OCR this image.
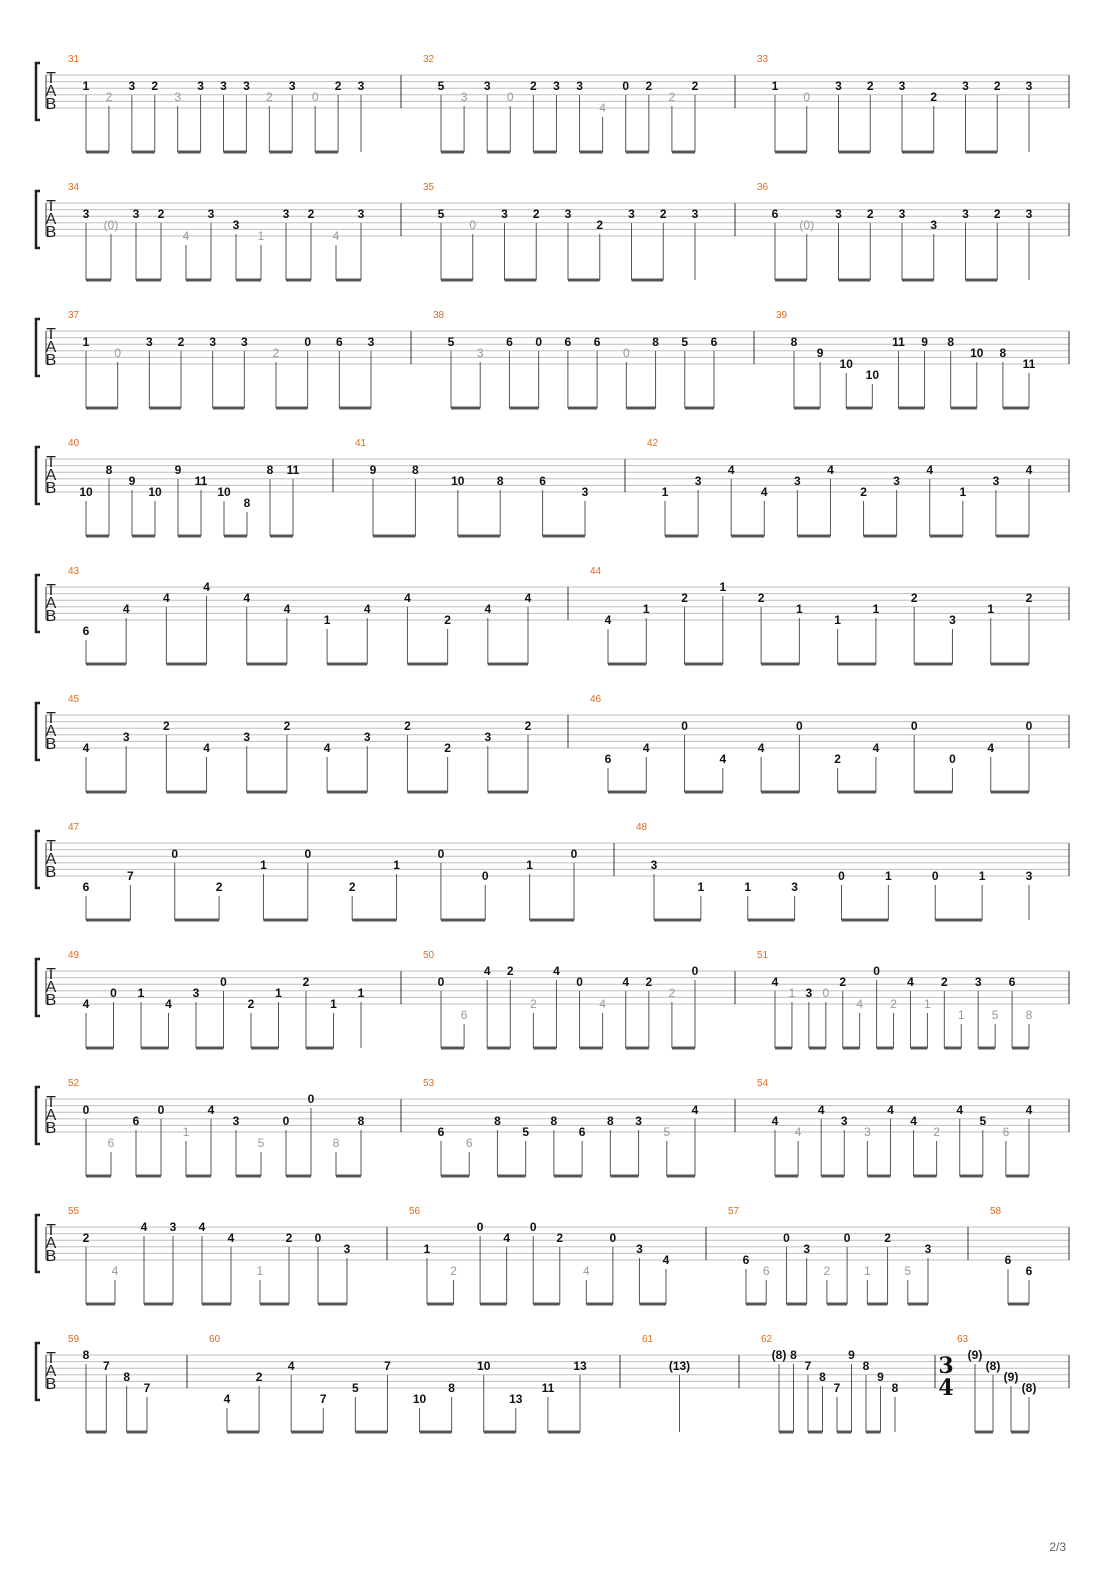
T
A
B
31
1
2
3 2
3
3 3 3
2
3
0
2 3
32
5
3
3
0
2 3 3
4
0 2
2
2
33
1
0
3 2 3
2
3 2 3
T
A
B
34
3
(0)
3 2
4
3
3
1
3 2
4
3
35
5
0
3 2 3
2
3 2 3
36
6
(0)
3 2 3
3
3 2 3
T
A
B
37
1
0
3 2 3 3
2
0 6 3
38
5
3
6 0 6 6
0
8 5 6
39
8
9
10
10
11 9 8
10 8
11
T
A
B
40
10
8
9
10
9
11
10
8
8 11
41
9	8
10	8	6
3
42
1
3
4
4
3
4
2
3
4
1
3
4
T
A
B
43
6
4
4
4
4
4
1
4
4
2
4
4
44
4
1
2
1
2
1
1
1
2
3
1
2
T
A
B
45
4
3
2
4
3
2
4
3
2
2
3
2
46
6
4
0
4
4
0
2
4
0
0
4
0
T
A
B
47
6
7
0
2
1
0
2
1
0
0
1
0
48
3
1	1	3
0	1	0	1	3
T
A
B
49
4
0 1
4
3
0
2
1
2
1
1
50
0
6
4 2
2
4
0
4
4 2
2
0
51
4
1 3 0
2
4
0
2
4
1
2
1
3
5
6
8
T
A
B
52
0
6
6
0
1
4
3
5
0
0
8
8
53
6
6
8
5
8
6
8 3
5
4
54
4
4
4
3
3
4
4
2
4
5
6
4
T
A
B
55
2
4
4 3 4
4
1
2 0
3
56
1
2
0
4
0
2
4
0
3
4
57
6
6
0
3
2
0
1
2
5
3
58
6
6
T
A
B
59
8
7
8
7
60
4
2
4
7
5
7
10
8
10
13
11
13
61
(13)
62
(8) 8
7
8
7
9
8
9
8
63
(9)
(8)
(9)
(8)
3
4
2/3
